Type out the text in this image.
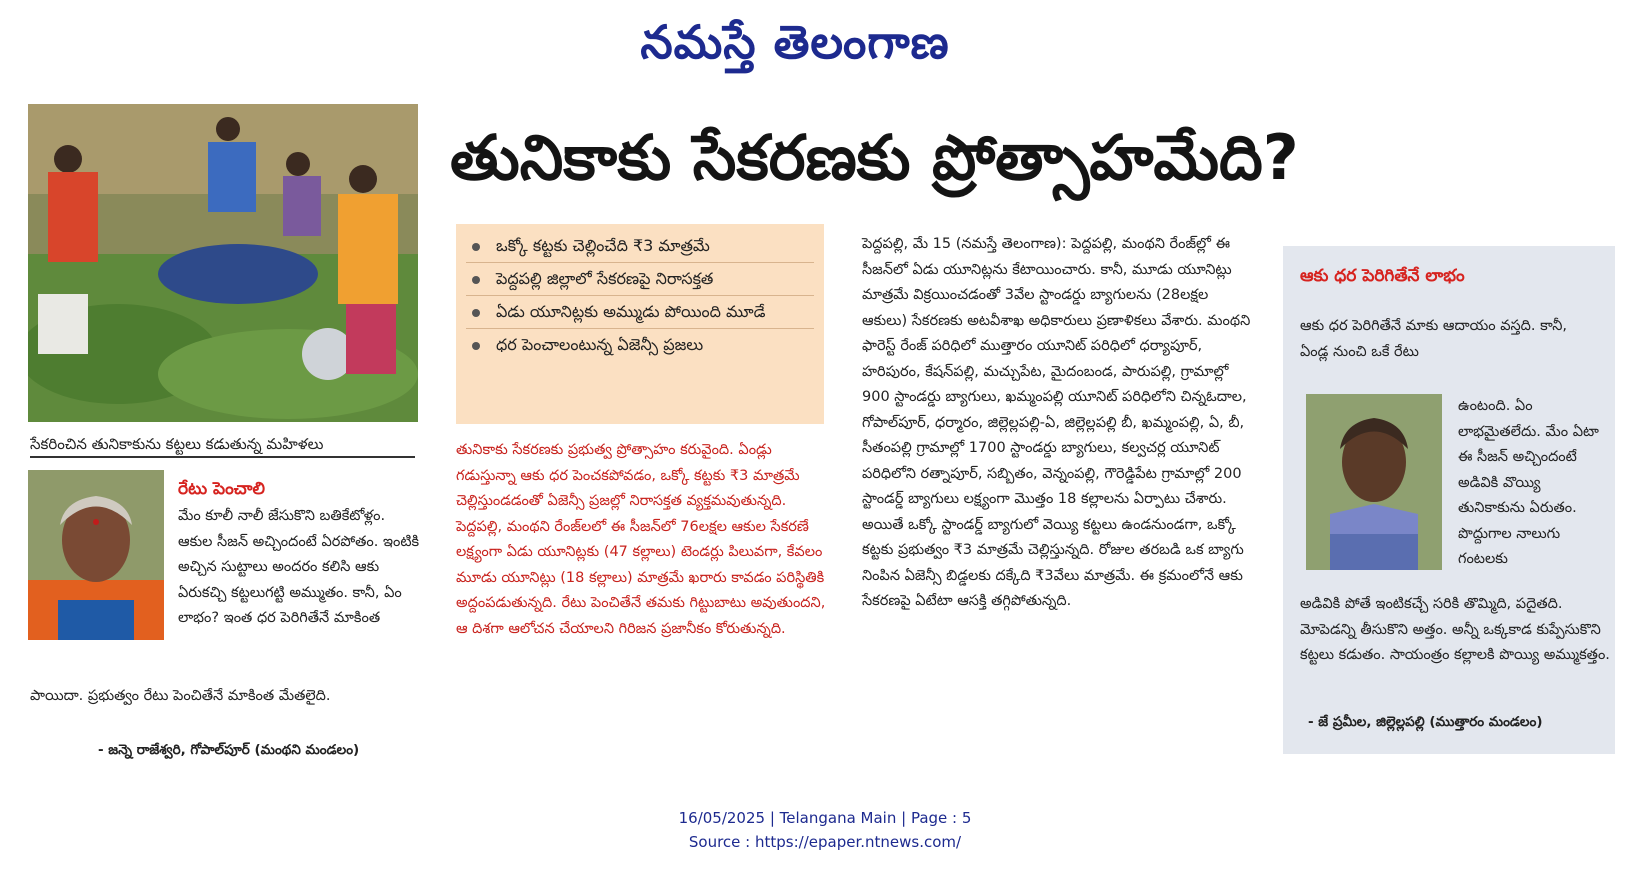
నమస్తే తెలంగాణ
తునికాకు సేకరణకు ప్రోత్సాహమేది?
సేకరించిన తునికాకును కట్టలు కడుతున్న మహిళలు
రేటు పెంచాలి
మేం కూలీ నాలీ జేసుకొని బతికేటోళ్లం. ఆకుల సీజన్ అచ్చిందంటే ఏరపోతం. ఇంటికి అచ్చిన సుట్టాలు అందరం కలిసి ఆకు ఏరుకచ్చి కట్టలుగట్టి అమ్ముతం. కానీ, ఏం లాభం? ఇంత ధర పెరిగితేనే మాకింత
పాయిదా. ప్రభుత్వం రేటు పెంచితేనే మాకింత మేతలైది.
- జన్నె రాజేశ్వరి, గోపాల్‌పూర్ (మంథని మండలం)
ఒక్కో కట్టకు చెల్లించేది ₹3 మాత్రమే
పెద్దపల్లి జిల్లాలో సేకరణపై నిరాసక్తత
ఏడు యూనిట్లకు అమ్ముడు పోయింది మూడే
ధర పెంచాలంటున్న ఏజెన్సీ ప్రజలు
తునికాకు సేకరణకు ప్రభుత్వ ప్రోత్సాహం కరువైంది. ఏండ్లు గడుస్తున్నా ఆకు ధర పెంచకపోవడం, ఒక్కో కట్టకు ₹3 మాత్రమే చెల్లిస్తుండడంతో ఏజెన్సీ ప్రజల్లో నిరాసక్తత వ్యక్తమవుతున్నది. పెద్దపల్లి, మంథని రేంజ్‌లలో ఈ సీజన్‌లో 76లక్షల ఆకుల సేకరణే లక్ష్యంగా ఏడు యూనిట్లకు (47 కల్లాలు) టెండర్లు పిలువగా, కేవలం మూడు యూనిట్లు (18 కల్లాలు) మాత్రమే ఖరారు కావడం పరిస్థితికి అద్దంపడుతున్నది. రేటు పెంచితేనే తమకు గిట్టుబాటు అవుతుందని, ఆ దిశగా ఆలోచన చేయాలని గిరిజన ప్రజానీకం కోరుతున్నది.
పెద్దపల్లి, మే 15 (నమస్తే తెలంగాణ): పెద్దపల్లి, మంథని రేంజ్‌ల్లో ఈ సీజన్‌లో ఏడు యూనిట్లను కేటాయించారు. కానీ, మూడు యూనిట్లు మాత్రమే విక్రయించడంతో 3వేల స్టాండర్డు బ్యాగులను (28లక్షల ఆకులు) సేకరణకు అటవీశాఖ అధికారులు ప్రణాళికలు వేశారు. మంథని ఫారెస్ట్ రేంజ్ పరిధిలో ముత్తారం యూనిట్ పరిధిలో ధర్యాపూర్, హరిపురం, కేషన్‌పల్లి, మచ్చుపేట, మైదంబండ, పారుపల్లి, గ్రామాల్లో 900 స్టాండర్డు బ్యాగులు, ఖమ్మంపల్లి యూనిట్ పరిధిలోని చిన్నఓదాల, గోపాల్‌పూర్, ధర్మారం, జిల్లెల్లపల్లి-ఏ, జిల్లెల్లపల్లి బీ, ఖమ్మంపల్లి, ఏ, బీ, సీతంపల్లి గ్రామాల్లో 1700 స్టాండర్డు బ్యాగులు, కల్వచర్ల యూనిట్ పరిధిలోని రత్నాపూర్, సబ్బితం, వెన్నంపల్లి, గౌరెడ్డిపేట గ్రామాల్లో 200 స్టాండర్డ్ బ్యాగులు లక్ష్యంగా మొత్తం 18 కల్లాలను ఏర్పాటు చేశారు. అయితే ఒక్కో స్టాండర్డ్ బ్యాగులో వెయ్యి కట్టలు ఉండనుండగా, ఒక్కో కట్టకు ప్రభుత్వం ₹3 మాత్రమే చెల్లిస్తున్నది. రోజుల తరబడి ఒక బ్యాగు నింపిన ఏజెన్సీ బిడ్డలకు దక్కేది ₹3వేలు మాత్రమే. ఈ క్రమంలోనే ఆకు సేకరణపై ఏటేటా ఆసక్తి తగ్గిపోతున్నది.
ఆకు ధర పెరిగితేనే లాభం
ఆకు ధర పెరిగితేనే మాకు ఆదాయం వస్తది. కానీ, ఏండ్ల నుంచి ఒకే రేటు
ఉంటంది. ఏం లాభమైతలేదు. మేం ఏటా ఈ సీజన్ అచ్చిందంటే అడివికి వొయ్యి తునికాకును ఏరుతం. పొద్దుగాల నాలుగు గంటలకు
అడివికి పోతే ఇంటికచ్చే సరికి తొమ్మిది, పదైతది. మోపెడన్ని తీసుకొని అత్తం. అన్నీ ఒక్కకాడ కుప్పేసుకొని కట్టలు కడుతం. సాయంత్రం కల్లాలకి పొయ్యి అమ్ముకత్తం.
- జే ప్రమీల, జిల్లెల్లపల్లి (ముత్తారం మండలం)
16/05/2025 | Telangana Main | Page : 5
Source : https://epaper.ntnews.com/
